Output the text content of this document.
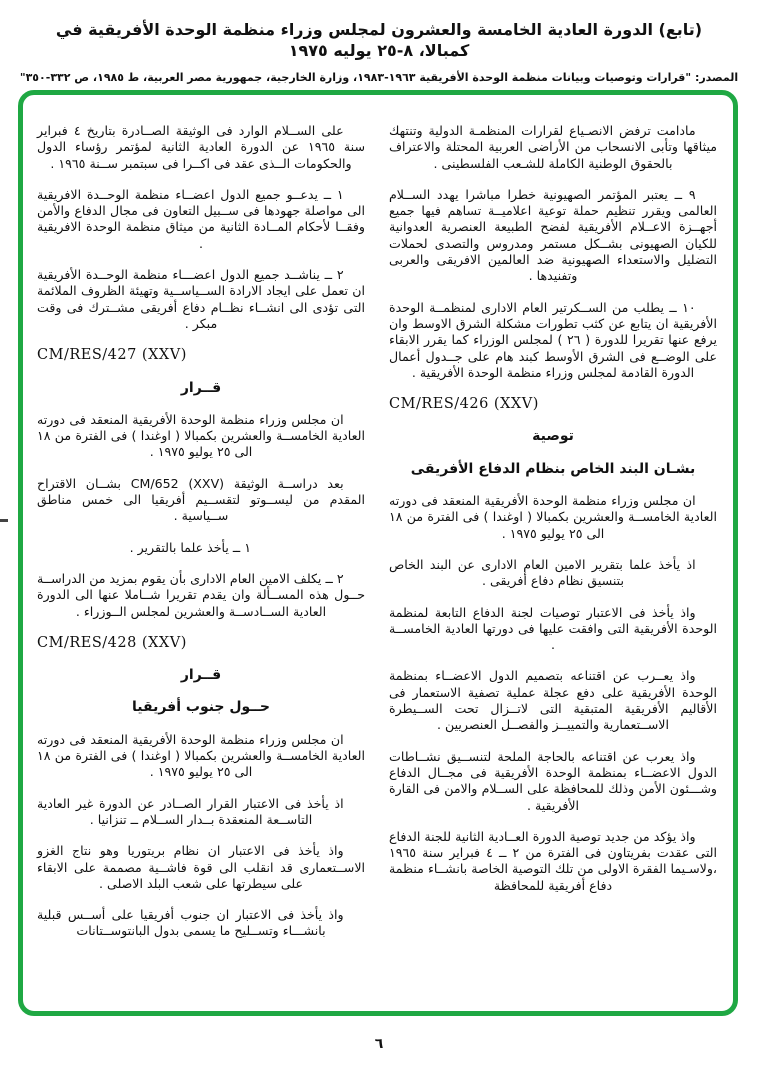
(تابع) الدورة العادية الخامسة والعشرون لمجلس وزراء منظمة الوحدة الأفريقية في كمبالا، ٨-٢٥ يوليه ١٩٧٥
المصدر: "قرارات وتوصيات وبيانات منظمة الوحدة الأفريقية ١٩٦٣-١٩٨٣، وزارة الخارجية، جمهورية مصر العربية، ط ١٩٨٥، ص ٣٣٢-٣٥٠"

مادامت ترفض الانصـياع لقرارات المنظمـة الدولية وتنتهك ميثاقها وتأبى الانسحاب من الأراضى العربية المحتلة والاعتراف بالحقوق الوطنية الكاملة للشـعب الفلسطينى .

٩ ــ يعتبر المؤتمر الصهيونية خطرا مباشرا يهدد الســلام العالمى ويقرر تنظيم حملة توعية اعلاميــة تساهم فيها جميع أجهــزة الاعــلام الأفريقية لفضح الطبيعة العنصرية العدوانية للكيان الصهيونى بشــكل مستمر ومدروس والتصدى لحملات التضليل والاستعداء الصهيونية ضد العالمين الافريقى والعربى وتفنيدها .

١٠ ــ يطلب من الســكرتير العام الادارى لمنظمــة الوحدة الأفريقية ان يتابع عن كثب تطورات مشكلة الشرق الاوسط وان يرفع عنها تقريرا للدورة ( ٢٦ ) لمجلس الوزراء كما يقرر الابقاء على الوضــع فى الشرق الأوسط كبند هام على جــدول أعمال الدورة القادمة لمجلس وزراء منظمة الوحدة الأفريقية .

CM/RES/426 (XXV)
توصية
بشـان البند الخاص بنظام الدفاع الأفريقى

ان مجلس وزراء منظمة الوحدة الأفريقية المنعقد فى دورته العادية الخامســة والعشرين بكمبالا ( اوغندا ) فى الفترة من ١٨ الى ٢٥ يوليو ١٩٧٥ .

اذ يأخذ علما بتقرير الامين العام الادارى عن البند الخاص بتنسيق نظام دفاع أفريقى .

واذ يأخذ فى الاعتبار توصيات لجنة الدفاع التابعة لمنظمة الوحدة الأفريقية التى وافقت عليها فى دورتها العادية الخامســة .

واذ يعــرب عن اقتناعه بتصميم الدول الاعضــاء بمنظمة الوحدة الأفريقية على دفع عجلة عملية تصفية الاستعمار فى الأقاليم الأفريقية المتبقية التى لاتــزال تحت الســيطرة الاســتعمارية والتمييــز والفصــل العنصريين .

واذ يعرب عن اقتناعه بالحاجة الملحة لتنســيق نشــاطات الدول الاعضــاء بمنظمة الوحدة الأفريقية فى مجــال الدفاع وشـــئون الأمن وذلك للمحافظة على الســلام والامن فى القارة الأفريقية .

واذ يؤكد من جديد توصية الدورة العــادية الثانية للجنة الدفاع التى عقدت بفريتاون فى الفترة من ٢ ــ ٤ فبراير سنة ١٩٦٥ ،ولاسـيما الفقرة الاولى من تلك التوصية الخاصة بانشــاء منظمة دفاع أفريقية للمحافظة

على الســلام الوارد فى الوثيقة الصــادرة بتاريخ ٤ فبراير سنة ١٩٦٥ عن الدورة العادية الثانية لمؤتمر رؤساء الدول والحكومات الــذى عقد فى اكــرا فى سبتمبر ســنة ١٩٦٥ .

١ ــ يدعــو جميع الدول اعضــاء منظمة الوحــدة الافريقية الى مواصلة جهودها فى ســبيل التعاون فى مجال الدفاع والأمن وفقــا لأحكام المــادة الثانية من ميثاق منظمة الوحدة الافريقية .

٢ ــ يناشــد جميع الدول اعضـــاء منظمة الوحــدة الأفريقية ان تعمل على ايجاد الارادة الســياســية وتهيئة الظروف الملائمة التى تؤدى الى انشــاء نظــام دفاع أفريقى مشــترك فى وقت مبكر .

CM/RES/427 (XXV)
قــرار

ان مجلس وزراء منظمة الوحدة الأفريقية المنعقد فى دورته العادية الخامســة والعشرين بكمبالا ( اوغندا ) فى الفترة من ١٨ الى ٢٥ يوليو ١٩٧٥ .

بعد دراســة الوثيقة CM/652 (XXV) بشــان الاقتراح المقدم من ليســوتو لتقســيم أفريقيا الى خمس مناطق ســياسية .

١ ــ يأخذ علما بالتقرير .

٢ ــ يكلف الامين العام الادارى بأن يقوم بمزيد من الدراســة حــول هذه المســألة وان يقدم تقريرا شــاملا عنها الى الدورة العادية الســادســة والعشرين لمجلس الــوزراء .

CM/RES/428 (XXV)
قــرار
حــول جنوب أفريقيا

ان مجلس وزراء منظمة الوحدة الأفريقية المنعقد فى دورته العادية الخامســة والعشرين بكمبالا ( اوغندا ) فى الفترة من ١٨ الى ٢٥ يوليو ١٩٧٥ .

اذ يأخذ فى الاعتبار القرار الصــادر عن الدورة غير العادية التاســعة المنعقدة بــدار الســلام ــ تنزانيا .

واذ يأخذ فى الاعتبار ان نظام بريتوريا وهو نتاج الغزو الاســتعمارى قد انقلب الى قوة فاشــية مصممة على الابقاء على سيطرتها على شعب البلد الاصلى .

واذ يأخذ فى الاعتبار ان جنوب أفريقيا على أســس قبلية بانشـــاء وتســليح ما يسمى بدول البانتوســتانات

٦
